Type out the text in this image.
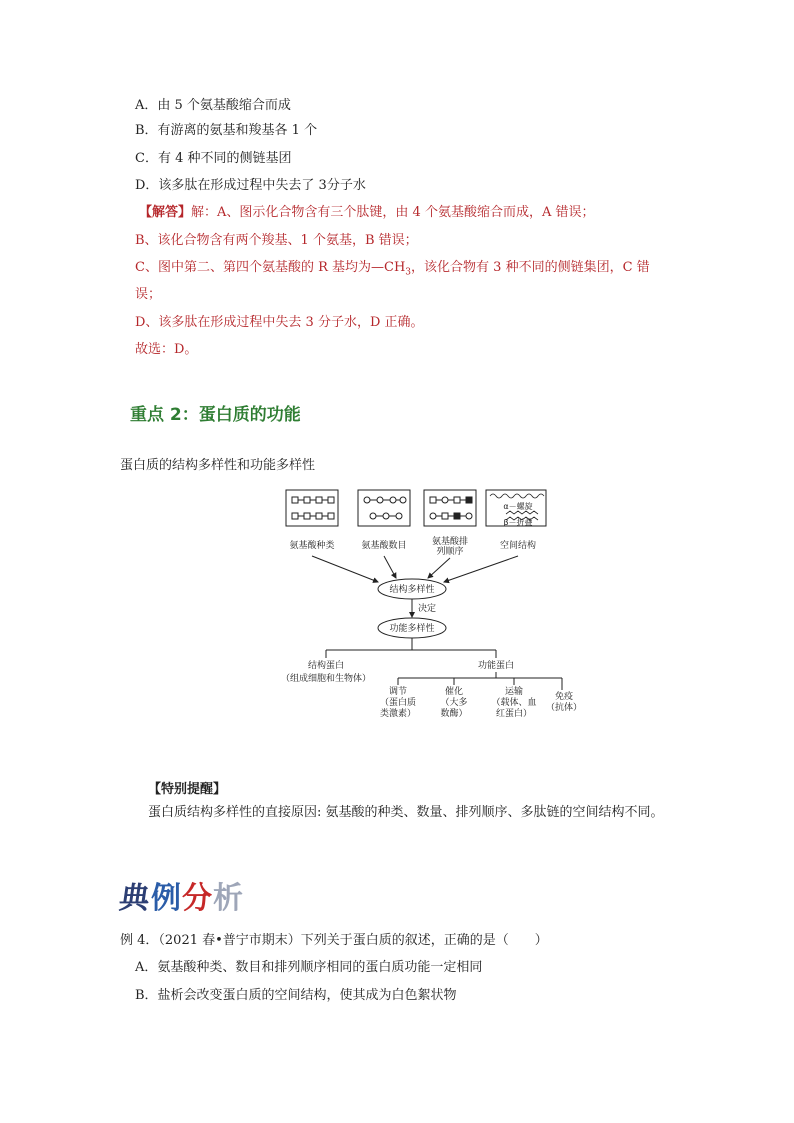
A．由 5 个氨基酸缩合而成
B．有游离的氨基和羧基各 1 个
C．有 4 种不同的侧链基团
D．该多肽在形成过程中失去了 3分子水
【解答】解：A、图示化合物含有三个肽键，由 4 个氨基酸缩合而成，A 错误；
B、该化合物含有两个羧基、1 个氨基，B 错误；
C、图中第二、第四个氨基酸的 R 基均为$—CH_3$，该化合物有 3 种不同的侧链集团，C 错
误；
D、该多肽在形成过程中失去 3 分子水，D 正确。
故选：D。
重点 2：蛋白质的功能
蛋白质的结构多样性和功能多样性
氨基酸种类	氨基酸数目	氨基酸排
列顺序
α－螺旋
β－折叠
空间结构
结构多样性
决定
功能多样性
结构蛋白
（组成细胞和生物体）
功能蛋白
调节
（蛋白质
类激素）
催化
（大多
数酶）
运输
（载体、血
红蛋白）
免疫
（抗体）
【特别提醒】
蛋白质结构多样性的直接原因: 氨基酸的种类、数量、排列顺序、多肽链的空间结构不同。
典例分析
例 4．（2021 春•普宁市期末）下列关于蛋白质的叙述，正确的是（　　）
A．氨基酸种类、数目和排列顺序相同的蛋白质功能一定相同
B．盐析会改变蛋白质的空间结构，使其成为白色絮状物
